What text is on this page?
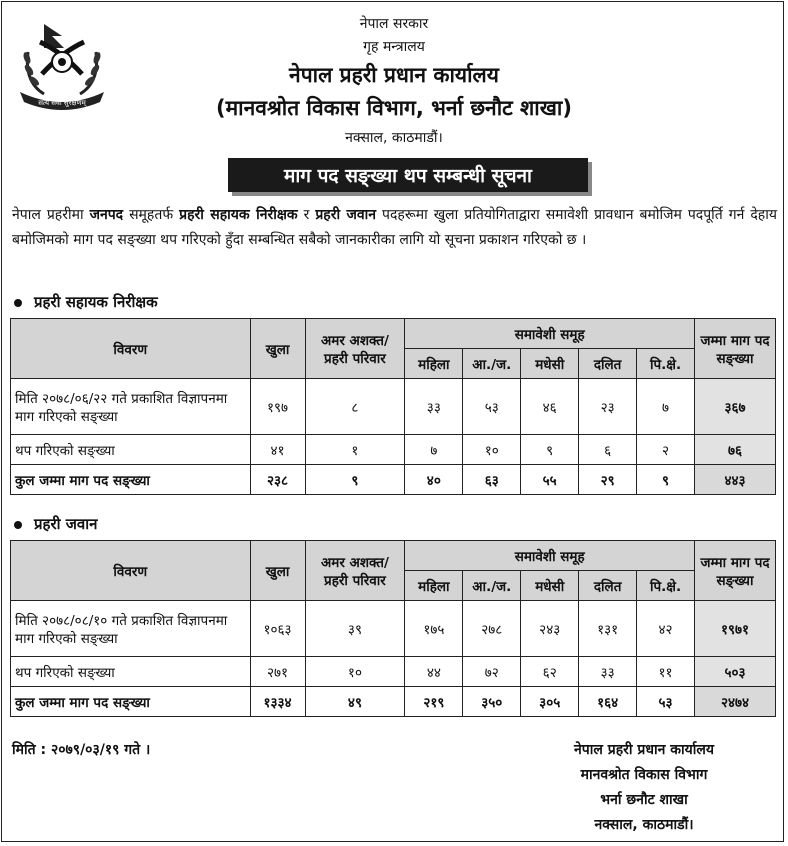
सत्य सेवा सुरक्षणम्
नेपाल सरकार
गृह मन्त्रालय
नेपाल प्रहरी प्रधान कार्यालय
(मानवश्रोत विकास विभाग, भर्ना छनौट शाखा)
नक्साल, काठमाडौं।
माग पद सङ्ख्या थप सम्बन्धी सूचना
नेपाल प्रहरीमा जनपद समूहतर्फ प्रहरी सहायक निरीक्षक र प्रहरी जवान पदहरूमा खुला प्रतियोगिताद्वारा समावेशी प्रावधान बमोजिम पदपूर्ति गर्न देहाय बमोजिमको माग पद सङ्ख्या थप गरिएको हुँदा सम्बन्धित सबैको जानकारीका लागि यो सूचना प्रकाशन गरिएको छ ।
प्रहरी सहायक निरीक्षक
विवरण	खुला	अमर अशक्त/ प्रहरी परिवार	समावेशी समूह					जम्मा माग पद सङ्ख्या
			महिला	आ./ज.	मधेसी	दलित	पि.क्षे.	
मिति २०७८/०६/२२ गते प्रकाशित विज्ञापनमा माग गरिएको सङ्ख्या	१९७	८	३३	५३	४६	२३	७	३६७
थप गरिएको सङ्ख्या	४१	१	७	१०	९	६	२	७६
कुल जम्मा माग पद सङ्ख्या	२३८	९	४०	६३	५५	२९	९	४४३
प्रहरी जवान
विवरण	खुला	अमर अशक्त/ प्रहरी परिवार	समावेशी समूह					जम्मा माग पद सङ्ख्या
			महिला	आ./ज.	मधेसी	दलित	पि.क्षे.	
मिति २०७८/०८/१० गते प्रकाशित विज्ञापनमा माग गरिएको सङ्ख्या	१०६३	३९	१७५	२७८	२४३	१३१	४२	१९७१
थप गरिएको सङ्ख्या	२७१	१०	४४	७२	६२	३३	११	५०३
कुल जम्मा माग पद सङ्ख्या	१३३४	४९	२१९	३५०	३०५	१६४	५३	२४७४
मिति : २०७९/०३/१९ गते ।	नेपाल प्रहरी प्रधान कार्यालय
मानवश्रोत विकास विभाग
भर्ना छनौट शाखा
नक्साल, काठमाडौं।
